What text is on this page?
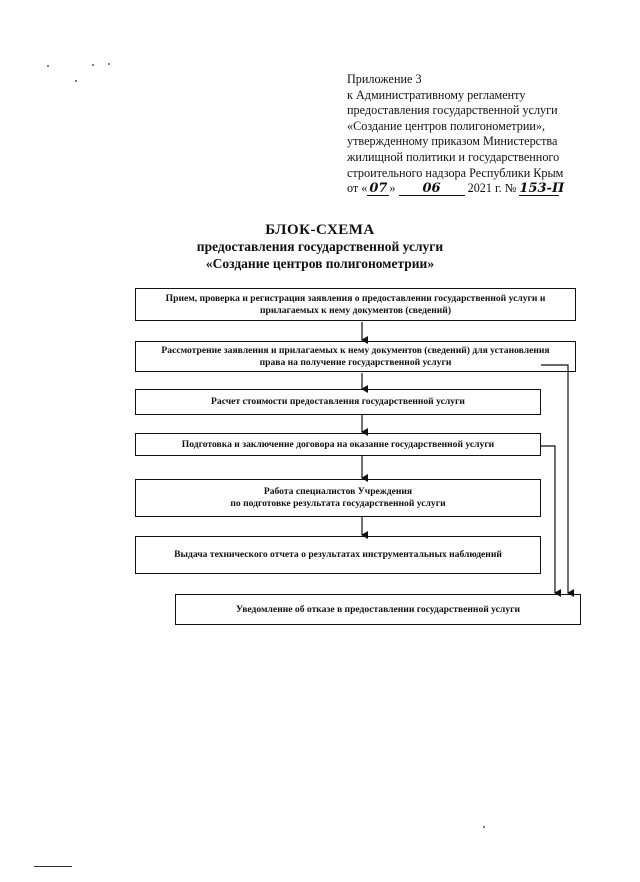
Приложение 3
к Административному регламенту
предоставления государственной услуги
«Создание центров полигонометрии»,
утвержденному приказом Министерства
жилищной политики и государственного
строительного надзора Республики Крым
от « 07 » 06 2021 г. № 153-П
БЛОК-СХЕМА
предоставления государственной услуги
«Создание центров полигонометрии»
Прием, проверка и регистрация заявления о предоставлении государственной услуги и
прилагаемых к нему документов (сведений)
Рассмотрение заявления и прилагаемых к нему документов (сведений) для установления
права на получение государственной услуги
Расчет стоимости предоставления государственной услуги
Подготовка и заключение договора на оказание государственной услуги
Работа специалистов Учреждения
по подготовке результата государственной услуги
Выдача технического отчета о результатах инструментальных наблюдений
Уведомление об отказе в предоставлении государственной услуги
